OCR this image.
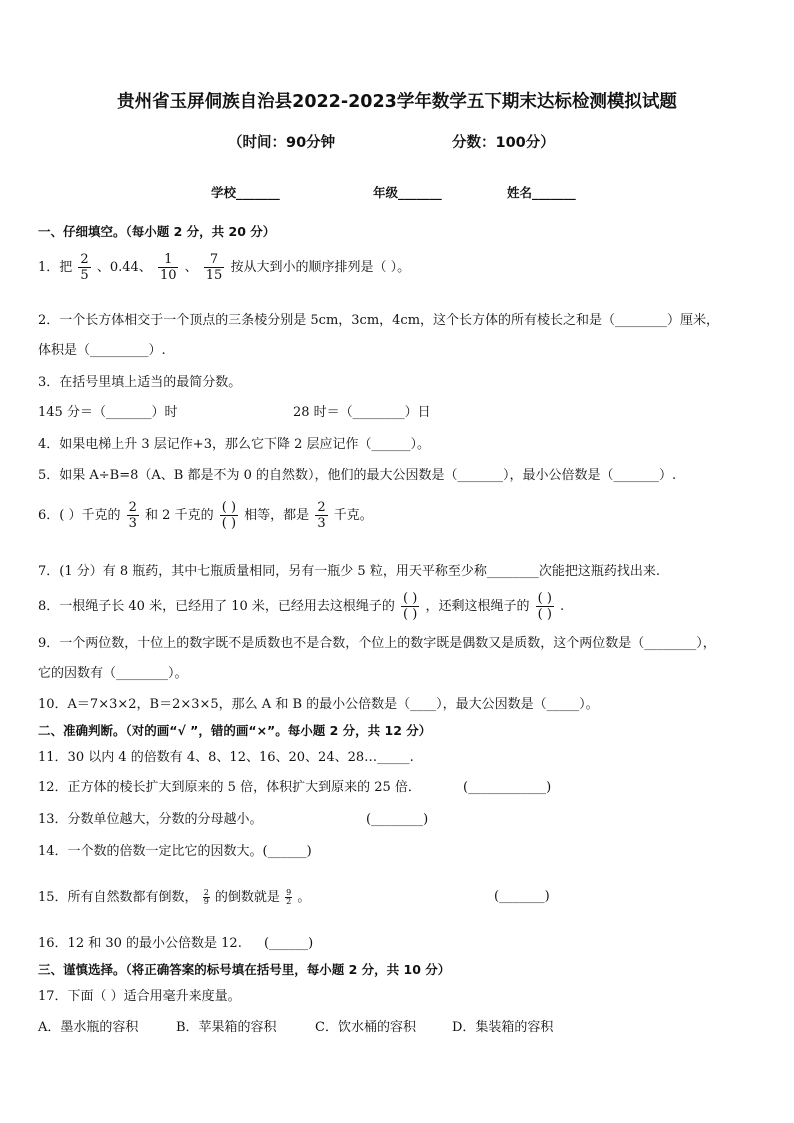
贵州省玉屏侗族自治县2022-2023学年数学五下期末达标检测模拟试题
（时间：90分钟	分数：100分）
学校_______	年级_______	姓名_______
一、仔细填空。（每小题 2 分，共 20 分）
1．把 $\frac{2}{5}$ 、0.44、 $\frac{1}{10}$ 、 $\frac{7}{15}$ 按从大到小的顺序排列是（ ）。
2．一个长方体相交于一个顶点的三条棱分别是 5cm，3cm，4cm，这个长方体的所有棱长之和是（________）厘米，
体积是（_________）.
3．在括号里填上适当的最简分数。
145 分＝（_______）时	28 时＝（________）日
4．如果电梯上升 3 层记作+3，那么它下降 2 层应记作（______）。
5．如果 A÷B=8（A、B 都是不为 0 的自然数），他们的最大公因数是（_______），最小公倍数是（_______）.
6．( ）千克的 $\frac{2}{3}$ 和 2 千克的 $\frac{( )}{( )}$ 相等，都是 $\frac{2}{3}$ 千克。
7．(1 分）有 8 瓶药，其中七瓶质量相同，另有一瓶少 5 粒，用天平称至少称________次能把这瓶药找出来.
8．一根绳子长 40 米，已经用了 10 米，已经用去这根绳子的 $\frac{( )}{( )}$ ，还剩这根绳子的 $\frac{( )}{( )}$ .
9．一个两位数，十位上的数字既不是质数也不是合数，个位上的数字既是偶数又是质数，这个两位数是（________），
它的因数有（________）。
10．A＝7×3×2，B＝2×3×5，那么 A 和 B 的最小公倍数是（____），最大公因数是（_____）。
二、准确判断。（对的画“√ ”，错的画“×”。每小题 2 分，共 12 分）
11．30 以内 4 的倍数有 4、8、12、16、20、24、28…_____.
12．正方体的棱长扩大到原来的 5 倍，体积扩大到原来的 25 倍．	(____________)
13．分数单位越大，分数的分母越小。	(________)
14．一个数的倍数一定比它的因数大。(______)
15．所有自然数都有倒数， $\frac{2}{9}$ 的倒数就是 $\frac{9}{2}$ 。	(_______)
16．12 和 30 的最小公倍数是 12. (______)
三、谨慎选择。（将正确答案的标号填在括号里，每小题 2 分，共 10 分）
17．下面（ ）适合用毫升来度量。
A．墨水瓶的容积	B．苹果箱的容积	C．饮水桶的容积	D．集装箱的容积
